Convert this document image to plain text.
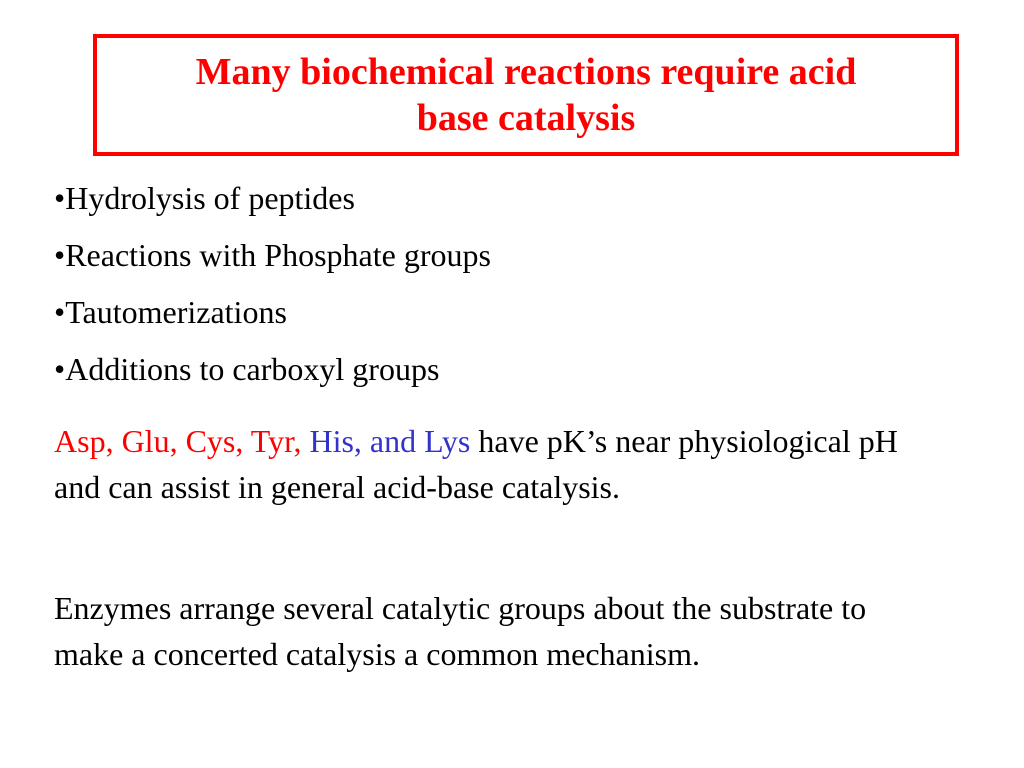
Many biochemical reactions require acid
base catalysis
•Hydrolysis of peptides
•Reactions with Phosphate groups
•Tautomerizations
•Additions to carboxyl groups

Asp, Glu, Cys, Tyr, His, and Lys have pK’s near physiological pH and can assist in general acid-base catalysis.

Enzymes arrange several catalytic groups about the substrate to make a concerted catalysis a common mechanism.
